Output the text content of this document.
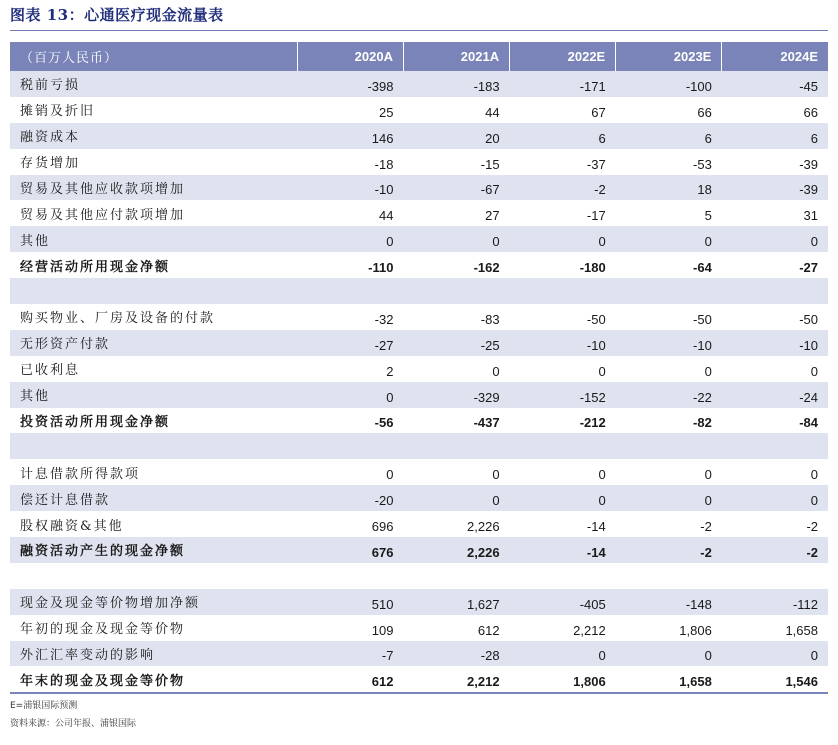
图表 13：心通医疗现金流量表
（百万人民币）	2020A	2021A	2022E	2023E	2024E
税前亏损	-398	-183	-171	-100	-45
摊销及折旧	25	44	67	66	66
融资成本	146	20	6	6	6
存货增加	-18	-15	-37	-53	-39
贸易及其他应收款项增加	-10	-67	-2	18	-39
贸易及其他应付款项增加	44	27	-17	5	31
其他	0	0	0	0	0
经营活动所用现金净额	-110	-162	-180	-64	-27

购买物业、厂房及设备的付款	-32	-83	-50	-50	-50
无形资产付款	-27	-25	-10	-10	-10
已收利息	2	0	0	0	0
其他	0	-329	-152	-22	-24
投资活动所用现金净额	-56	-437	-212	-82	-84

计息借款所得款项	0	0	0	0	0
偿还计息借款	-20	0	0	0	0
股权融资&其他	696	2,226	-14	-2	-2
融资活动产生的现金净额	676	2,226	-14	-2	-2

现金及现金等价物增加净额	510	1,627	-405	-148	-112
年初的现金及现金等价物	109	612	2,212	1,806	1,658
外汇汇率变动的影响	-7	-28	0	0	0
年末的现金及现金等价物	612	2,212	1,806	1,658	1,546
E=浦银国际预测
资料来源：公司年报、浦银国际
